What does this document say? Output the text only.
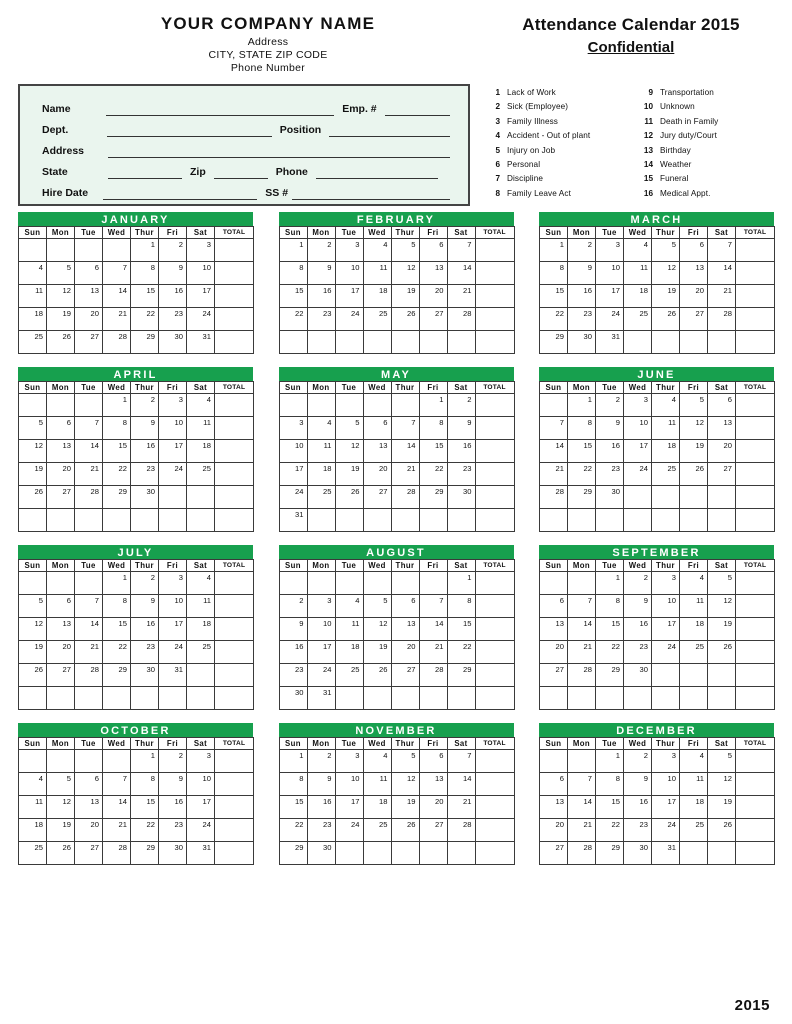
YOUR COMPANY NAME
Address
CITY, STATE ZIP CODE
Phone Number
Attendance Calendar 2015
Confidential
Name	Emp. #
Dept.	Position
Address
State	Zip	Phone
Hire Date	SS #
1 Lack of Work
2 Sick (Employee)
3 Family Illness
4 Accident - Out of plant
5 Injury on Job
6 Personal
7 Discipline
8 Family Leave Act
9 Transportation
10 Unknown
11 Death in Family
12 Jury duty/Court
13 Birthday
14 Weather
15 Funeral
16 Medical Appt.
JANUARY
Sun	Mon	Tue	Wed	Thur	Fri	Sat	TOTAL
				1	2	3	
4	5	6	7	8	9	10	
11	12	13	14	15	16	17	
18	19	20	21	22	23	24	
25	26	27	28	29	30	31	
FEBRUARY
Sun	Mon	Tue	Wed	Thur	Fri	Sat	TOTAL
1	2	3	4	5	6	7	
8	9	10	11	12	13	14	
15	16	17	18	19	20	21	
22	23	24	25	26	27	28	

MARCH
Sun	Mon	Tue	Wed	Thur	Fri	Sat	TOTAL
1	2	3	4	5	6	7	
8	9	10	11	12	13	14	
15	16	17	18	19	20	21	
22	23	24	25	26	27	28	
29	30	31					
APRIL
Sun	Mon	Tue	Wed	Thur	Fri	Sat	TOTAL
			1	2	3	4	
5	6	7	8	9	10	11	
12	13	14	15	16	17	18	
19	20	21	22	23	24	25	
26	27	28	29	30			

MAY
Sun	Mon	Tue	Wed	Thur	Fri	Sat	TOTAL
					1	2	
3	4	5	6	7	8	9	
10	11	12	13	14	15	16	
17	18	19	20	21	22	23	
24	25	26	27	28	29	30	
31							
JUNE
Sun	Mon	Tue	Wed	Thur	Fri	Sat	TOTAL
	1	2	3	4	5	6	
7	8	9	10	11	12	13	
14	15	16	17	18	19	20	
21	22	23	24	25	26	27	
28	29	30					

JULY
Sun	Mon	Tue	Wed	Thur	Fri	Sat	TOTAL
			1	2	3	4	
5	6	7	8	9	10	11	
12	13	14	15	16	17	18	
19	20	21	22	23	24	25	
26	27	28	29	30	31		

AUGUST
Sun	Mon	Tue	Wed	Thur	Fri	Sat	TOTAL
						1	
2	3	4	5	6	7	8	
9	10	11	12	13	14	15	
16	17	18	19	20	21	22	
23	24	25	26	27	28	29	
30	31						
SEPTEMBER
Sun	Mon	Tue	Wed	Thur	Fri	Sat	TOTAL
		1	2	3	4	5	
6	7	8	9	10	11	12	
13	14	15	16	17	18	19	
20	21	22	23	24	25	26	
27	28	29	30				

OCTOBER
Sun	Mon	Tue	Wed	Thur	Fri	Sat	TOTAL
				1	2	3	
4	5	6	7	8	9	10	
11	12	13	14	15	16	17	
18	19	20	21	22	23	24	
25	26	27	28	29	30	31	
NOVEMBER
Sun	Mon	Tue	Wed	Thur	Fri	Sat	TOTAL
1	2	3	4	5	6	7	
8	9	10	11	12	13	14	
15	16	17	18	19	20	21	
22	23	24	25	26	27	28	
29	30						
DECEMBER
Sun	Mon	Tue	Wed	Thur	Fri	Sat	TOTAL
		1	2	3	4	5	
6	7	8	9	10	11	12	
13	14	15	16	17	18	19	
20	21	22	23	24	25	26	
27	28	29	30	31			
2015
